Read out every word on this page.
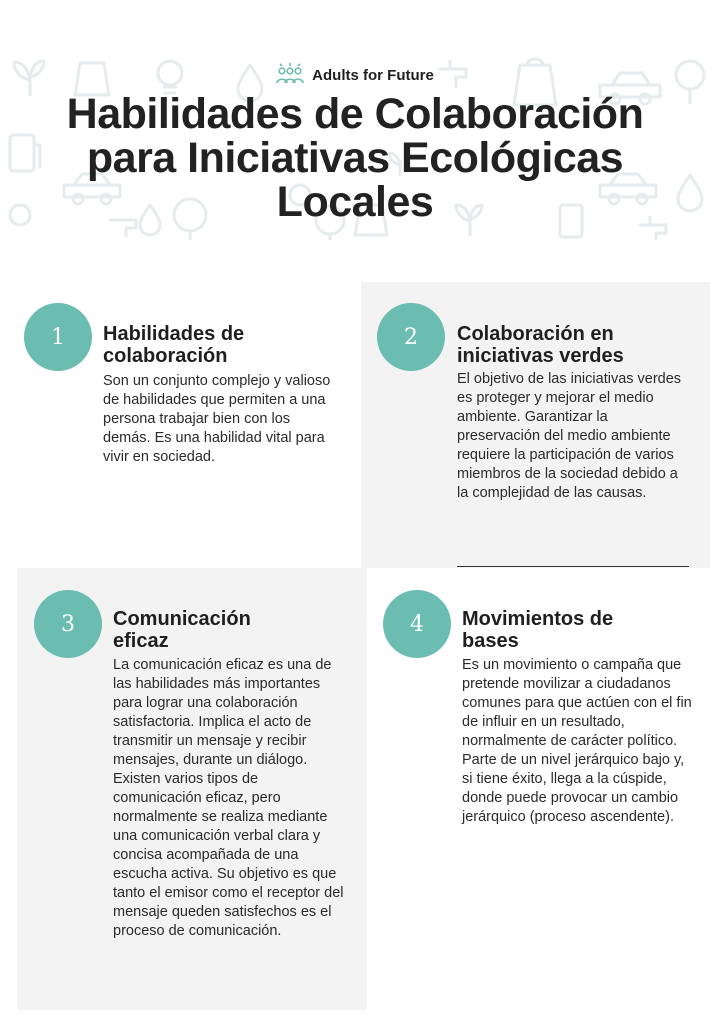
Adults for Future
Habilidades de Colaboración
para Iniciativas Ecológicas
Locales
1	Habilidades de
colaboración

Son un conjunto complejo y valioso de habilidades que permiten a una persona trabajar bien con los demás. Es una habilidad vital para vivir en sociedad.

2	Colaboración en
iniciativas verdes

El objetivo de las iniciativas verdes es proteger y mejorar el medio ambiente. Garantizar la preservación del medio ambiente requiere la participación de varios miembros de la sociedad debido a la complejidad de las causas.

3	Comunicación
eficaz

La comunicación eficaz es una de las habilidades más importantes para lograr una colaboración satisfactoria. Implica el acto de transmitir un mensaje y recibir mensajes, durante un diálogo. Existen varios tipos de comunicación eficaz, pero normalmente se realiza mediante una comunicación verbal clara y concisa acompañada de una escucha activa. Su objetivo es que tanto el emisor como el receptor del mensaje queden satisfechos es el proceso de comunicación.

4	Movimientos de
bases

Es un movimiento o campaña que pretende movilizar a ciudadanos comunes para que actúen con el fin de influir en un resultado, normalmente de carácter político. Parte de un nivel jerárquico bajo y, si tiene éxito, llega a la cúspide, donde puede provocar un cambio jerárquico (proceso ascendente).
